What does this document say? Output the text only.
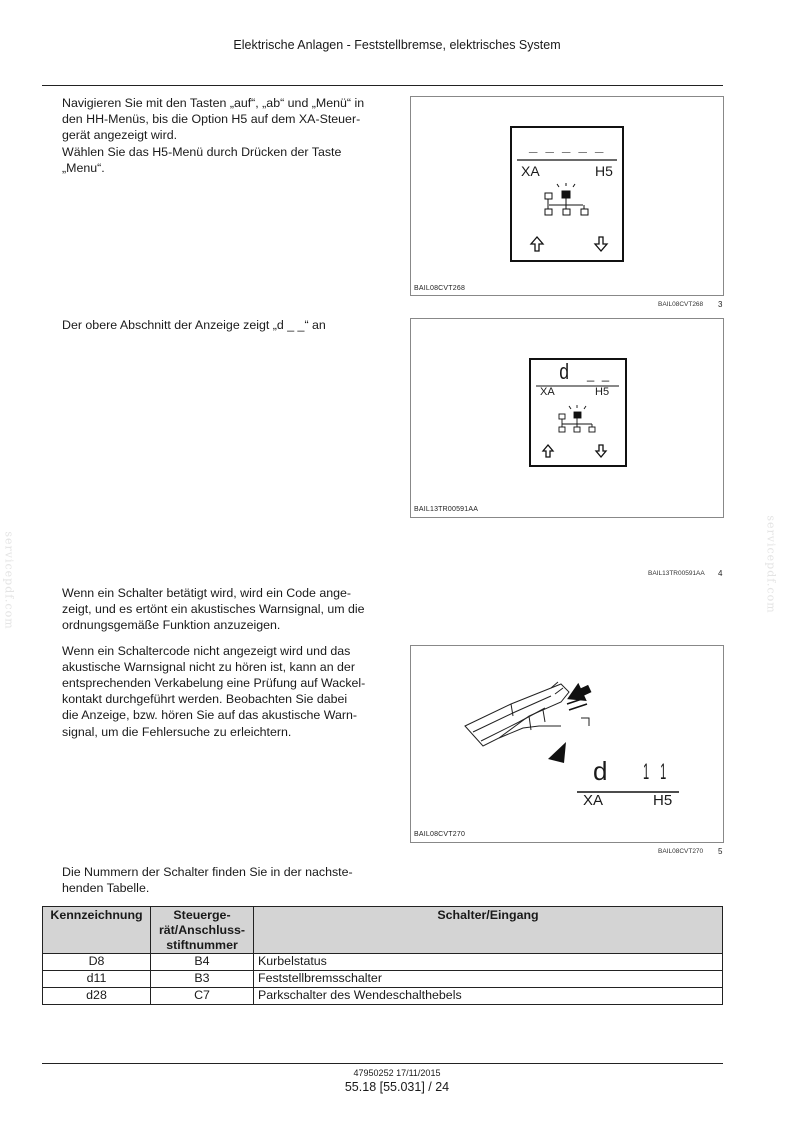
Elektrische Anlagen - Feststellbremse, elektrisches System
servicepdf.com	servicepdf.com

Navigieren Sie mit den Tasten „auf“, „ab“ und „Menü“ in
den HH-Menüs, bis die Option H5 auf dem XA-Steuer-
gerät angezeigt wird.

Wählen Sie das H5-Menü durch Drücken der Taste
„Menu“.

_ _ _ _ _
XA	H5
BAIL08CVT268
BAIL08CVT268 3

Der obere Abschnitt der Anzeige zeigt „d _ _“ an

d _ _
XA	H5
BAIL13TR00591AA
BAIL13TR00591AA 4

Wenn ein Schalter betätigt wird, wird ein Code ange-
zeigt, und es ertönt ein akustisches Warnsignal, um die
ordnungsgemäße Funktion anzuzeigen.

Wenn ein Schaltercode nicht angezeigt wird und das
akustische Warnsignal nicht zu hören ist, kann an der
entsprechenden Verkabelung eine Prüfung auf Wackel-
kontakt durchgeführt werden. Beobachten Sie dabei
die Anzeige, bzw. hören Sie auf das akustische Warn-
signal, um die Fehlersuche zu erleichtern.

d 1 1
XA	H5
BAIL08CVT270
BAIL08CVT270 5

Die Nummern der Schalter finden Sie in der nachste-
henden Tabelle.

Kennzeichnung	Steuerge-
rät/Anschluss-
stiftnummer	Schalter/Eingang
D8	B4	Kurbelstatus
d11	B3	Feststellbremsschalter
d28	C7	Parkschalter des Wendeschalthebels
47950252 17/11/2015
55.18 [55.031] / 24
